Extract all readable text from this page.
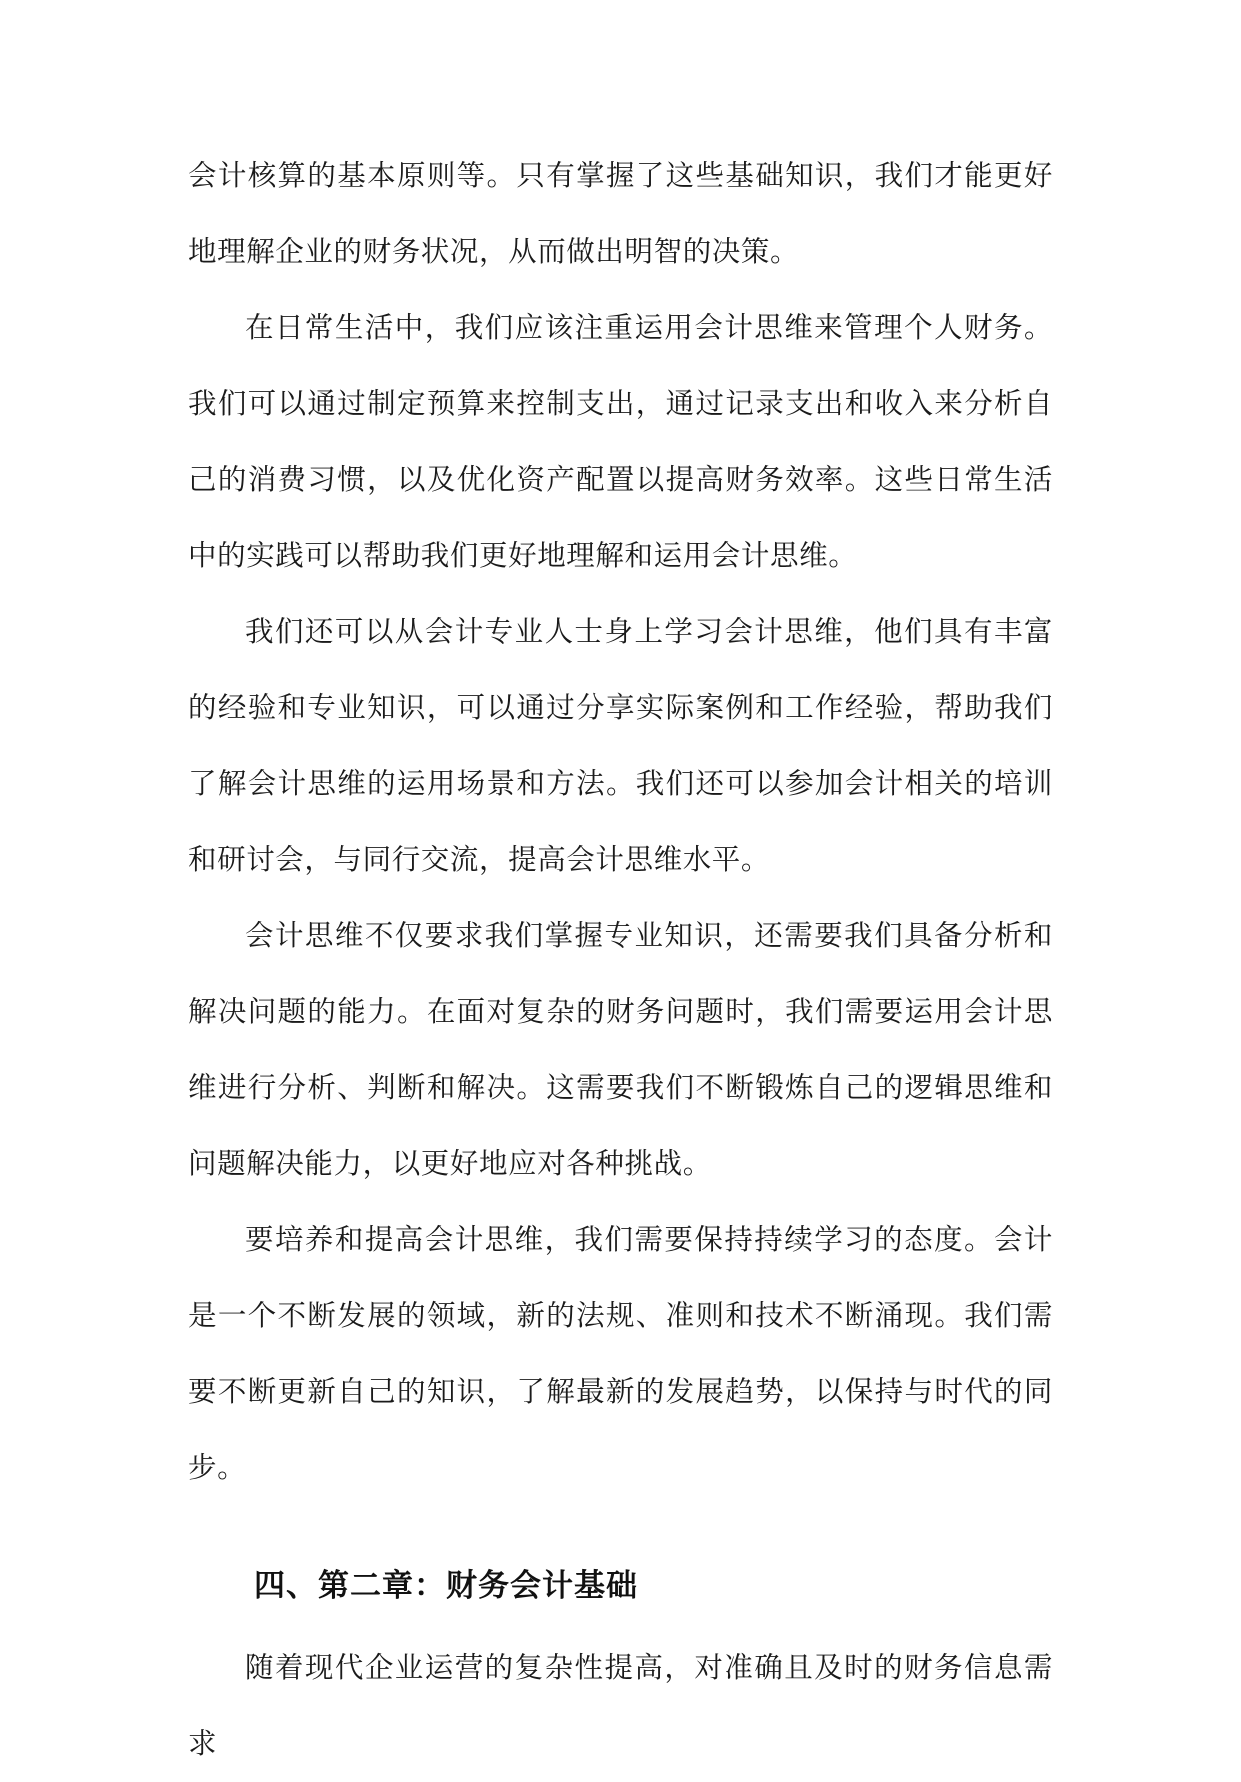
会计核算的基本原则等。只有掌握了这些基础知识，我们才能更好地理解企业的财务状况，从而做出明智的决策。

在日常生活中，我们应该注重运用会计思维来管理个人财务。我们可以通过制定预算来控制支出，通过记录支出和收入来分析自己的消费习惯，以及优化资产配置以提高财务效率。这些日常生活中的实践可以帮助我们更好地理解和运用会计思维。

我们还可以从会计专业人士身上学习会计思维，他们具有丰富的经验和专业知识，可以通过分享实际案例和工作经验，帮助我们了解会计思维的运用场景和方法。我们还可以参加会计相关的培训和研讨会，与同行交流，提高会计思维水平。

会计思维不仅要求我们掌握专业知识，还需要我们具备分析和解决问题的能力。在面对复杂的财务问题时，我们需要运用会计思维进行分析、判断和解决。这需要我们不断锻炼自己的逻辑思维和问题解决能力，以更好地应对各种挑战。

要培养和提高会计思维，我们需要保持持续学习的态度。会计是一个不断发展的领域，新的法规、准则和技术不断涌现。我们需要不断更新自己的知识，了解最新的发展趋势，以保持与时代的同步。

四、第二章：财务会计基础

随着现代企业运营的复杂性提高，对准确且及时的财务信息需求
